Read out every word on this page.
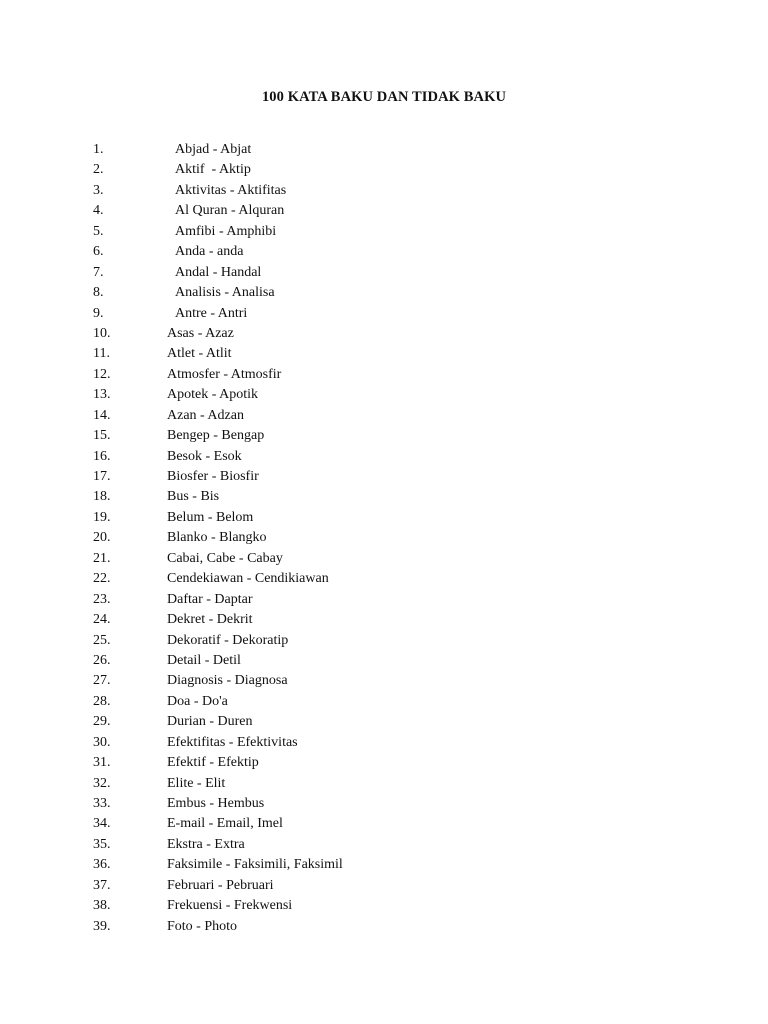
100 KATA BAKU DAN TIDAK BAKU
1.	Abjad - Abjat
2.	Aktif  - Aktip
3.	Aktivitas - Aktifitas
4.	Al Quran - Alquran
5.	Amfibi - Amphibi
6.	Anda - anda
7.	Andal - Handal
8.	Analisis - Analisa
9.	Antre - Antri
10.	Asas - Azaz
11.	Atlet - Atlit
12.	Atmosfer - Atmosfir
13.	Apotek - Apotik
14.	Azan - Adzan
15.	Bengep - Bengap
16.	Besok - Esok
17.	Biosfer - Biosfir
18.	Bus - Bis
19.	Belum - Belom
20.	Blanko - Blangko
21.	Cabai, Cabe - Cabay
22.	Cendekiawan - Cendikiawan
23.	Daftar - Daptar
24.	Dekret - Dekrit
25.	Dekoratif - Dekoratip
26.	Detail - Detil
27.	Diagnosis - Diagnosa
28.	Doa - Do'a
29.	Durian - Duren
30.	Efektifitas - Efektivitas
31.	Efektif - Efektip
32.	Elite - Elit
33.	Embus - Hembus
34.	E-mail - Email, Imel
35.	Ekstra - Extra
36.	Faksimile - Faksimili, Faksimil
37.	Februari - Pebruari
38.	Frekuensi - Frekwensi
39.	Foto - Photo
